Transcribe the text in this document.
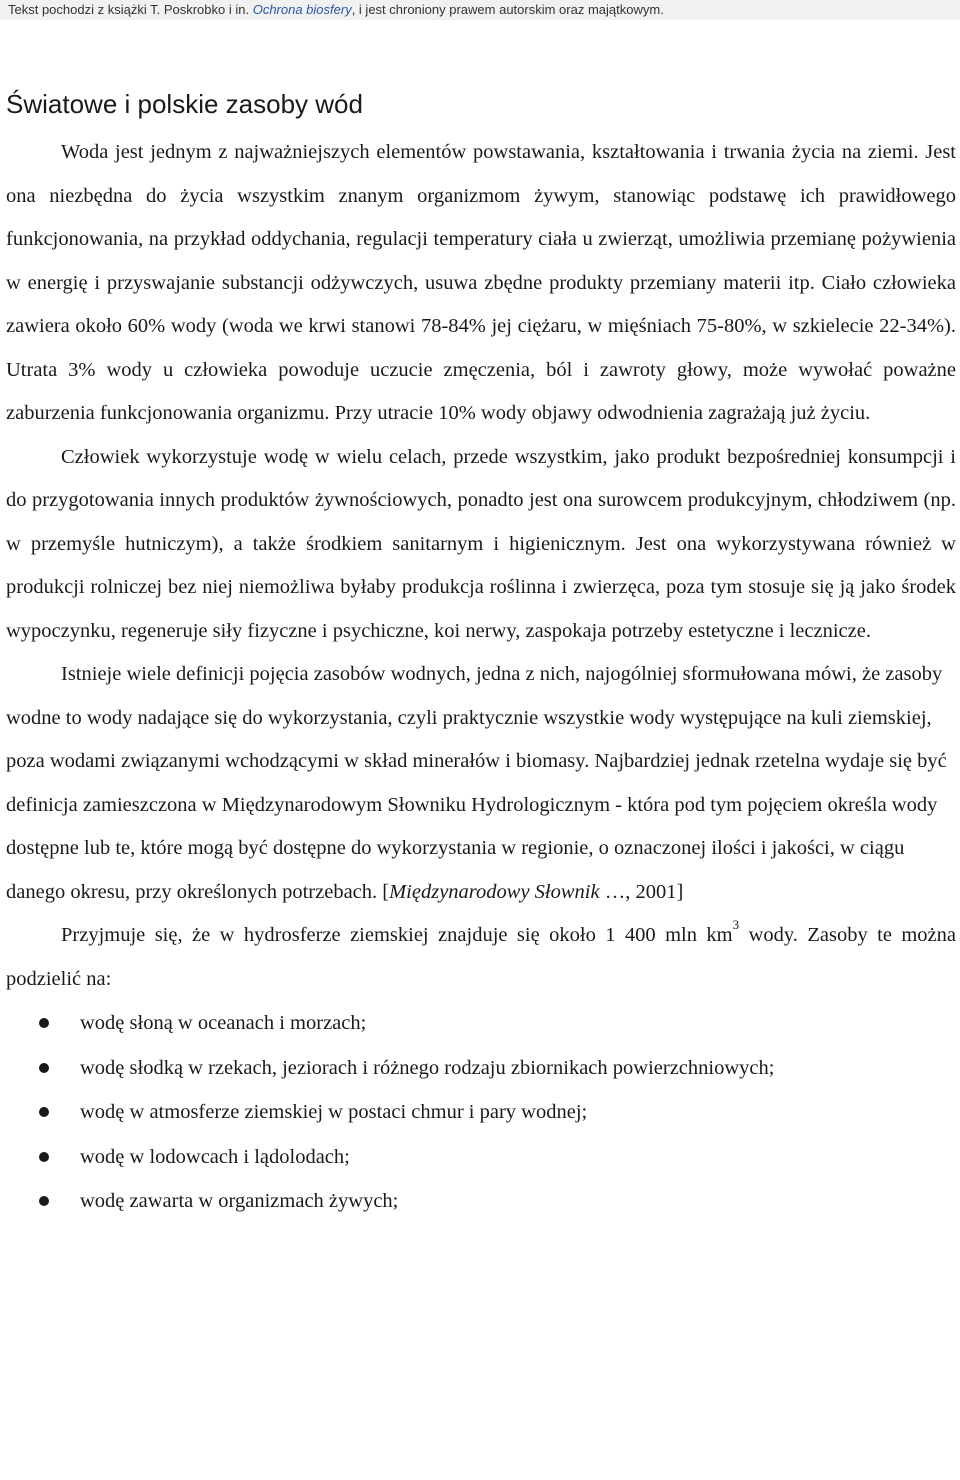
Tekst pochodzi z książki T. Poskrobko i in. Ochrona biosfery, i jest chroniony prawem autorskim oraz majątkowym.
Światowe i polskie zasoby wód

Woda jest jednym z najważniejszych elementów powstawania, kształtowania i trwania życia na ziemi. Jest ona niezbędna do życia wszystkim znanym organizmom żywym, stanowiąc podstawę ich prawidłowego funkcjonowania, na przykład oddychania, regulacji temperatury ciała u zwierząt, umożliwia przemianę pożywienia w energię i przyswajanie substancji odżywczych, usuwa zbędne produkty przemiany materii itp. Ciało człowieka zawiera około 60% wody (woda we krwi stanowi 78-84% jej ciężaru, w mięśniach 75-80%, w szkielecie 22-34%). Utrata 3% wody u człowieka powoduje uczucie zmęczenia, ból i zawroty głowy, może wywołać poważne zaburzenia funkcjonowania organizmu. Przy utracie 10% wody objawy odwodnienia zagrażają już życiu.

Człowiek wykorzystuje wodę w wielu celach, przede wszystkim, jako produkt bezpośredniej konsumpcji i do przygotowania innych produktów żywnościowych, ponadto jest ona surowcem produkcyjnym, chłodziwem (np. w przemyśle hutniczym), a także środkiem sanitarnym i higienicznym. Jest ona wykorzystywana również w produkcji rolniczej bez niej niemożliwa byłaby produkcja roślinna i zwierzęca, poza tym stosuje się ją jako środek wypoczynku, regeneruje siły fizyczne i psychiczne, koi nerwy, zaspokaja potrzeby estetyczne i lecznicze.

Istnieje wiele definicji pojęcia zasobów wodnych, jedna z nich, najogólniej sformułowana mówi, że zasoby wodne to wody nadające się do wykorzystania, czyli praktycznie wszystkie wody występujące na kuli ziemskiej, poza wodami związanymi wchodzącymi w skład minerałów i biomasy. Najbardziej jednak rzetelna wydaje się być definicja zamieszczona w Międzynarodowym Słowniku Hydrologicznym - która pod tym pojęciem określa wody dostępne lub te, które mogą być dostępne do wykorzystania w regionie, o oznaczonej ilości i jakości, w ciągu danego okresu, przy określonych potrzebach. [Międzynarodowy Słownik …, 2001]

Przyjmuje się, że w hydrosferze ziemskiej znajduje się około 1 400 mln $km^3$ wody. Zasoby te można podzielić na:

wodę słoną w oceanach i morzach;
wodę słodką w rzekach, jeziorach i różnego rodzaju zbiornikach powierzchniowych;
wodę w atmosferze ziemskiej w postaci chmur i pary wodnej;
wodę w lodowcach i lądolodach;
wodę zawarta w organizmach żywych;
